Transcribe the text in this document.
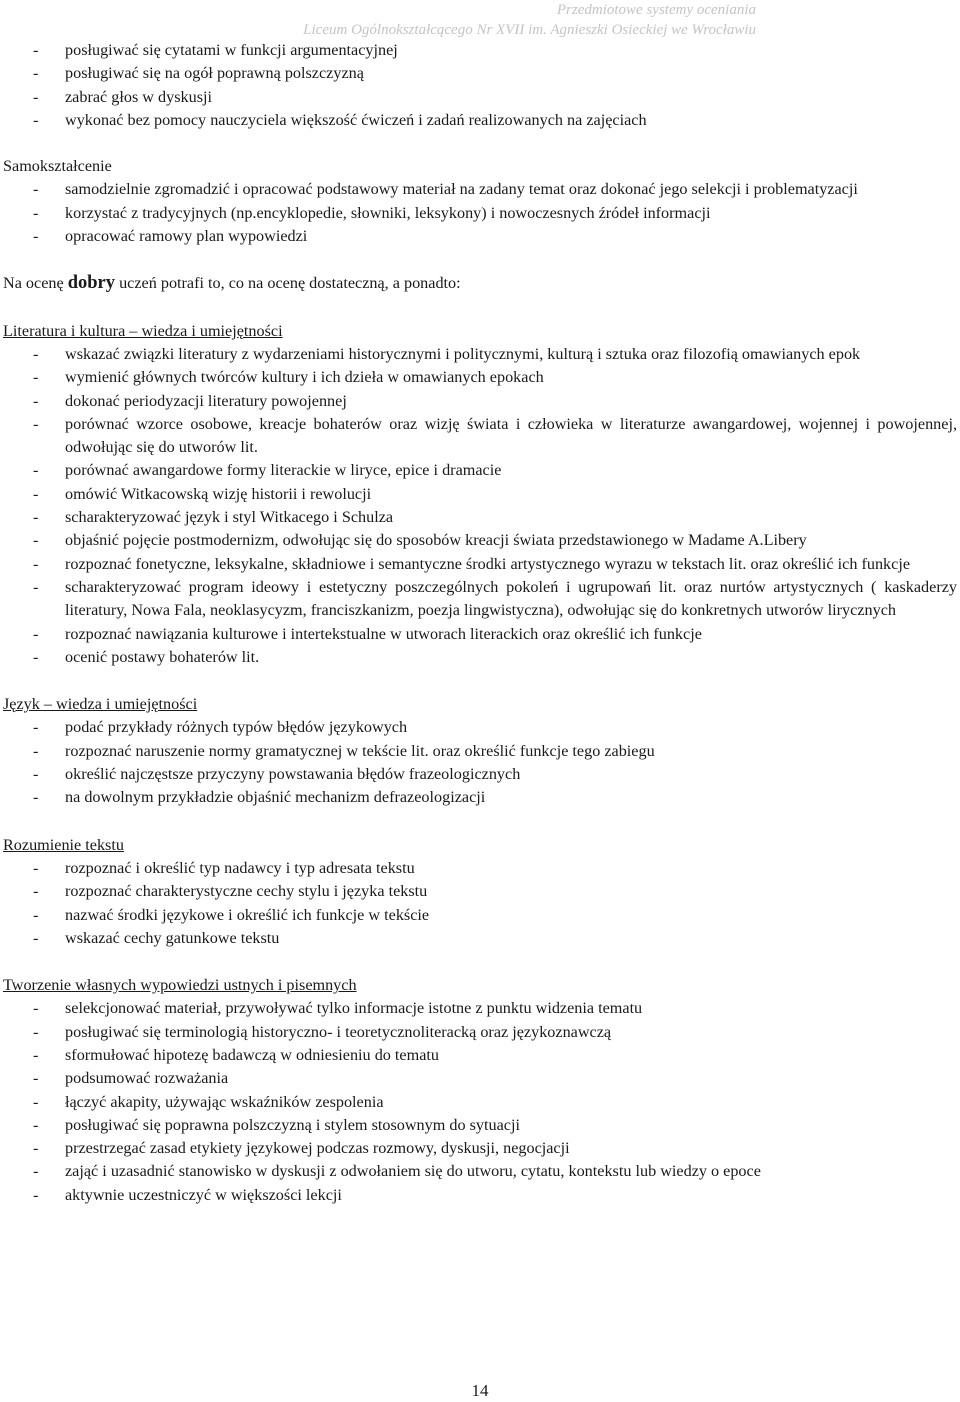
Przedmiotowe systemy oceniania
Liceum Ogólnokształcącego Nr XVII im. Agnieszki Osieckiej we Wrocławiu
- posługiwać się cytatami w funkcji argumentacyjnej
- posługiwać się na ogół poprawną polszczyzną
- zabrać głos w dyskusji
- wykonać bez pomocy nauczyciela większość ćwiczeń i zadań realizowanych na zajęciach

Samokształcenie

- samodzielnie zgromadzić i opracować podstawowy materiał na zadany temat oraz dokonać jego selekcji i problematyzacji
- korzystać z tradycyjnych (np.encyklopedie, słowniki, leksykony) i nowoczesnych źródeł informacji
- opracować ramowy plan wypowiedzi

Na ocenę dobry uczeń potrafi to, co na ocenę dostateczną, a ponadto:

Literatura i kultura – wiedza i umiejętności

- wskazać związki literatury z wydarzeniami historycznymi i politycznymi, kulturą i sztuka oraz filozofią omawianych epok
- wymienić głównych twórców kultury i ich dzieła w omawianych epokach
- dokonać periodyzacji literatury powojennej
- porównać wzorce osobowe, kreacje bohaterów oraz wizję świata i człowieka w literaturze awangardowej, wojennej i powojennej, odwołując się do utworów lit.
- porównać awangardowe formy literackie w liryce, epice i dramacie
- omówić Witkacowską wizję historii i rewolucji
- scharakteryzować język i styl Witkacego i Schulza
- objaśnić pojęcie postmodernizm, odwołując się do sposobów kreacji świata przedstawionego w Madame A.Libery
- rozpoznać fonetyczne, leksykalne, składniowe i semantyczne środki artystycznego wyrazu w tekstach lit. oraz określić ich funkcje
- scharakteryzować program ideowy i estetyczny poszczególnych pokoleń i ugrupowań lit. oraz nurtów artystycznych ( kaskaderzy literatury, Nowa Fala, neoklasycyzm, franciszkanizm, poezja lingwistyczna), odwołując się do konkretnych utworów lirycznych
- rozpoznać nawiązania kulturowe i intertekstualne w utworach literackich oraz określić ich funkcje
- ocenić postawy bohaterów lit.

Język – wiedza i umiejętności

- podać przykłady różnych typów błędów językowych
- rozpoznać naruszenie normy gramatycznej w tekście lit. oraz określić funkcje tego zabiegu
- określić najczęstsze przyczyny powstawania błędów frazeologicznych
- na dowolnym przykładzie objaśnić mechanizm defrazeologizacji

Rozumienie tekstu

- rozpoznać i określić typ nadawcy i typ adresata tekstu
- rozpoznać charakterystyczne cechy stylu i języka tekstu
- nazwać środki językowe i określić ich funkcje w tekście
- wskazać cechy gatunkowe tekstu

Tworzenie własnych wypowiedzi ustnych i pisemnych

- selekcjonować materiał, przywoływać tylko informacje istotne z punktu widzenia tematu
- posługiwać się terminologią historyczno- i teoretycznoliteracką oraz językoznawczą
- sformułować hipotezę badawczą w odniesieniu do tematu
- podsumować rozważania
- łączyć akapity, używając wskaźników zespolenia
- posługiwać się poprawna polszczyzną i stylem stosownym do sytuacji
- przestrzegać zasad etykiety językowej podczas rozmowy, dyskusji, negocjacji
- zająć i uzasadnić stanowisko w dyskusji z odwołaniem się do utworu, cytatu, kontekstu lub wiedzy o epoce
- aktywnie uczestniczyć w większości lekcji
14
